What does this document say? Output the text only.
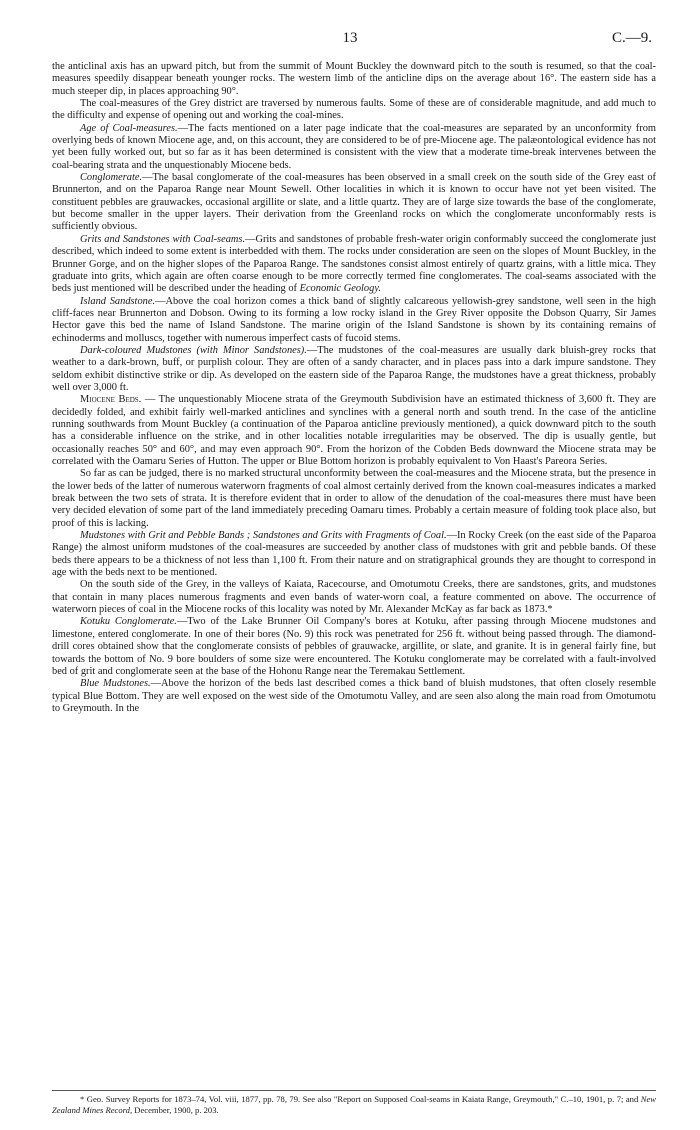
13	C.—9.

the anticlinal axis has an upward pitch, but from the summit of Mount Buckley the downward pitch to the south is resumed, so that the coal-measures speedily disappear beneath younger rocks. The western limb of the anticline dips on the average about 16°. The eastern side has a much steeper dip, in places approaching 90°.

The coal-measures of the Grey district are traversed by numerous faults. Some of these are of considerable magnitude, and add much to the difficulty and expense of opening out and working the coal-mines.

Age of Coal-measures.—The facts mentioned on a later page indicate that the coal-measures are separated by an unconformity from overlying beds of known Miocene age, and, on this account, they are considered to be of pre-Miocene age. The palæontological evidence has not yet been fully worked out, but so far as it has been determined is consistent with the view that a moderate time-break intervenes between the coal-bearing strata and the unquestionably Miocene beds.

Conglomerate.—The basal conglomerate of the coal-measures has been observed in a small creek on the south side of the Grey east of Brunnerton, and on the Paparoa Range near Mount Sewell. Other localities in which it is known to occur have not yet been visited. The constituent pebbles are grauwackes, occasional argillite or slate, and a little quartz. They are of large size towards the base of the conglomerate, but become smaller in the upper layers. Their derivation from the Greenland rocks on which the conglomerate unconformably rests is sufficiently obvious.

Grits and Sandstones with Coal-seams.—Grits and sandstones of probable fresh-water origin conformably succeed the conglomerate just described, which indeed to some extent is interbedded with them. The rocks under consideration are seen on the slopes of Mount Buckley, in the Brunner Gorge, and on the higher slopes of the Paparoa Range. The sandstones consist almost entirely of quartz grains, with a little mica. They graduate into grits, which again are often coarse enough to be more correctly termed fine conglomerates. The coal-seams associated with the beds just mentioned will be described under the heading of Economic Geology.

Island Sandstone.—Above the coal horizon comes a thick band of slightly calcareous yellowish-grey sandstone, well seen in the high cliff-faces near Brunnerton and Dobson. Owing to its forming a low rocky island in the Grey River opposite the Dobson Quarry, Sir James Hector gave this bed the name of Island Sandstone. The marine origin of the Island Sandstone is shown by its containing remains of echinoderms and molluscs, together with numerous imperfect casts of fucoid stems.

Dark-coloured Mudstones (with Minor Sandstones).—The mudstones of the coal-measures are usually dark bluish-grey rocks that weather to a dark-brown, buff, or purplish colour. They are often of a sandy character, and in places pass into a dark impure sandstone. They seldom exhibit distinctive strike or dip. As developed on the eastern side of the Paparoa Range, the mudstones have a great thickness, probably well over 3,000 ft.

Miocene Beds. — The unquestionably Miocene strata of the Greymouth Subdivision have an estimated thickness of 3,600 ft. They are decidedly folded, and exhibit fairly well-marked anticlines and synclines with a general north and south trend. In the case of the anticline running southwards from Mount Buckley (a continuation of the Paparoa anticline previously mentioned), a quick downward pitch to the south has a considerable influence on the strike, and in other localities notable irregularities may be observed. The dip is usually gentle, but occasionally reaches 50° and 60°, and may even approach 90°. From the horizon of the Cobden Beds downward the Miocene strata may be correlated with the Oamaru Series of Hutton. The upper or Blue Bottom horizon is probably equivalent to Von Haast's Pareora Series.

So far as can be judged, there is no marked structural unconformity between the coal-measures and the Miocene strata, but the presence in the lower beds of the latter of numerous waterworn fragments of coal almost certainly derived from the known coal-measures indicates a marked break between the two sets of strata. It is therefore evident that in order to allow of the denudation of the coal-measures there must have been very decided elevation of some part of the land immediately preceding Oamaru times. Probably a certain measure of folding took place also, but proof of this is lacking.

Mudstones with Grit and Pebble Bands ; Sandstones and Grits with Fragments of Coal.—In Rocky Creek (on the east side of the Paparoa Range) the almost uniform mudstones of the coal-measures are succeeded by another class of mudstones with grit and pebble bands. Of these beds there appears to be a thickness of not less than 1,100 ft. From their nature and on stratigraphical grounds they are thought to correspond in age with the beds next to be mentioned.

On the south side of the Grey, in the valleys of Kaiata, Racecourse, and Omotumotu Creeks, there are sandstones, grits, and mudstones that contain in many places numerous fragments and even bands of water-worn coal, a feature commented on above. The occurrence of waterworn pieces of coal in the Miocene rocks of this locality was noted by Mr. Alexander McKay as far back as 1873.*

Kotuku Conglomerate.—Two of the Lake Brunner Oil Company's bores at Kotuku, after passing through Miocene mudstones and limestone, entered conglomerate. In one of their bores (No. 9) this rock was penetrated for 256 ft. without being passed through. The diamond-drill cores obtained show that the conglomerate consists of pebbles of grauwacke, argillite, or slate, and granite. It is in general fairly fine, but towards the bottom of No. 9 bore boulders of some size were encountered. The Kotuku conglomerate may be correlated with a fault-involved bed of grit and conglomerate seen at the base of the Hohonu Range near the Teremakau Settlement.

Blue Mudstones.—Above the horizon of the beds last described comes a thick band of bluish mudstones, that often closely resemble typical Blue Bottom. They are well exposed on the west side of the Omotumotu Valley, and are seen also along the main road from Omotumotu to Greymouth. In the

* Geo. Survey Reports for 1873–74, Vol. viii, 1877, pp. 78, 79. See also "Report on Supposed Coal-seams in Kaiata Range, Greymouth," C.–10, 1901, p. 7; and New Zealand Mines Record, December, 1900, p. 203.
